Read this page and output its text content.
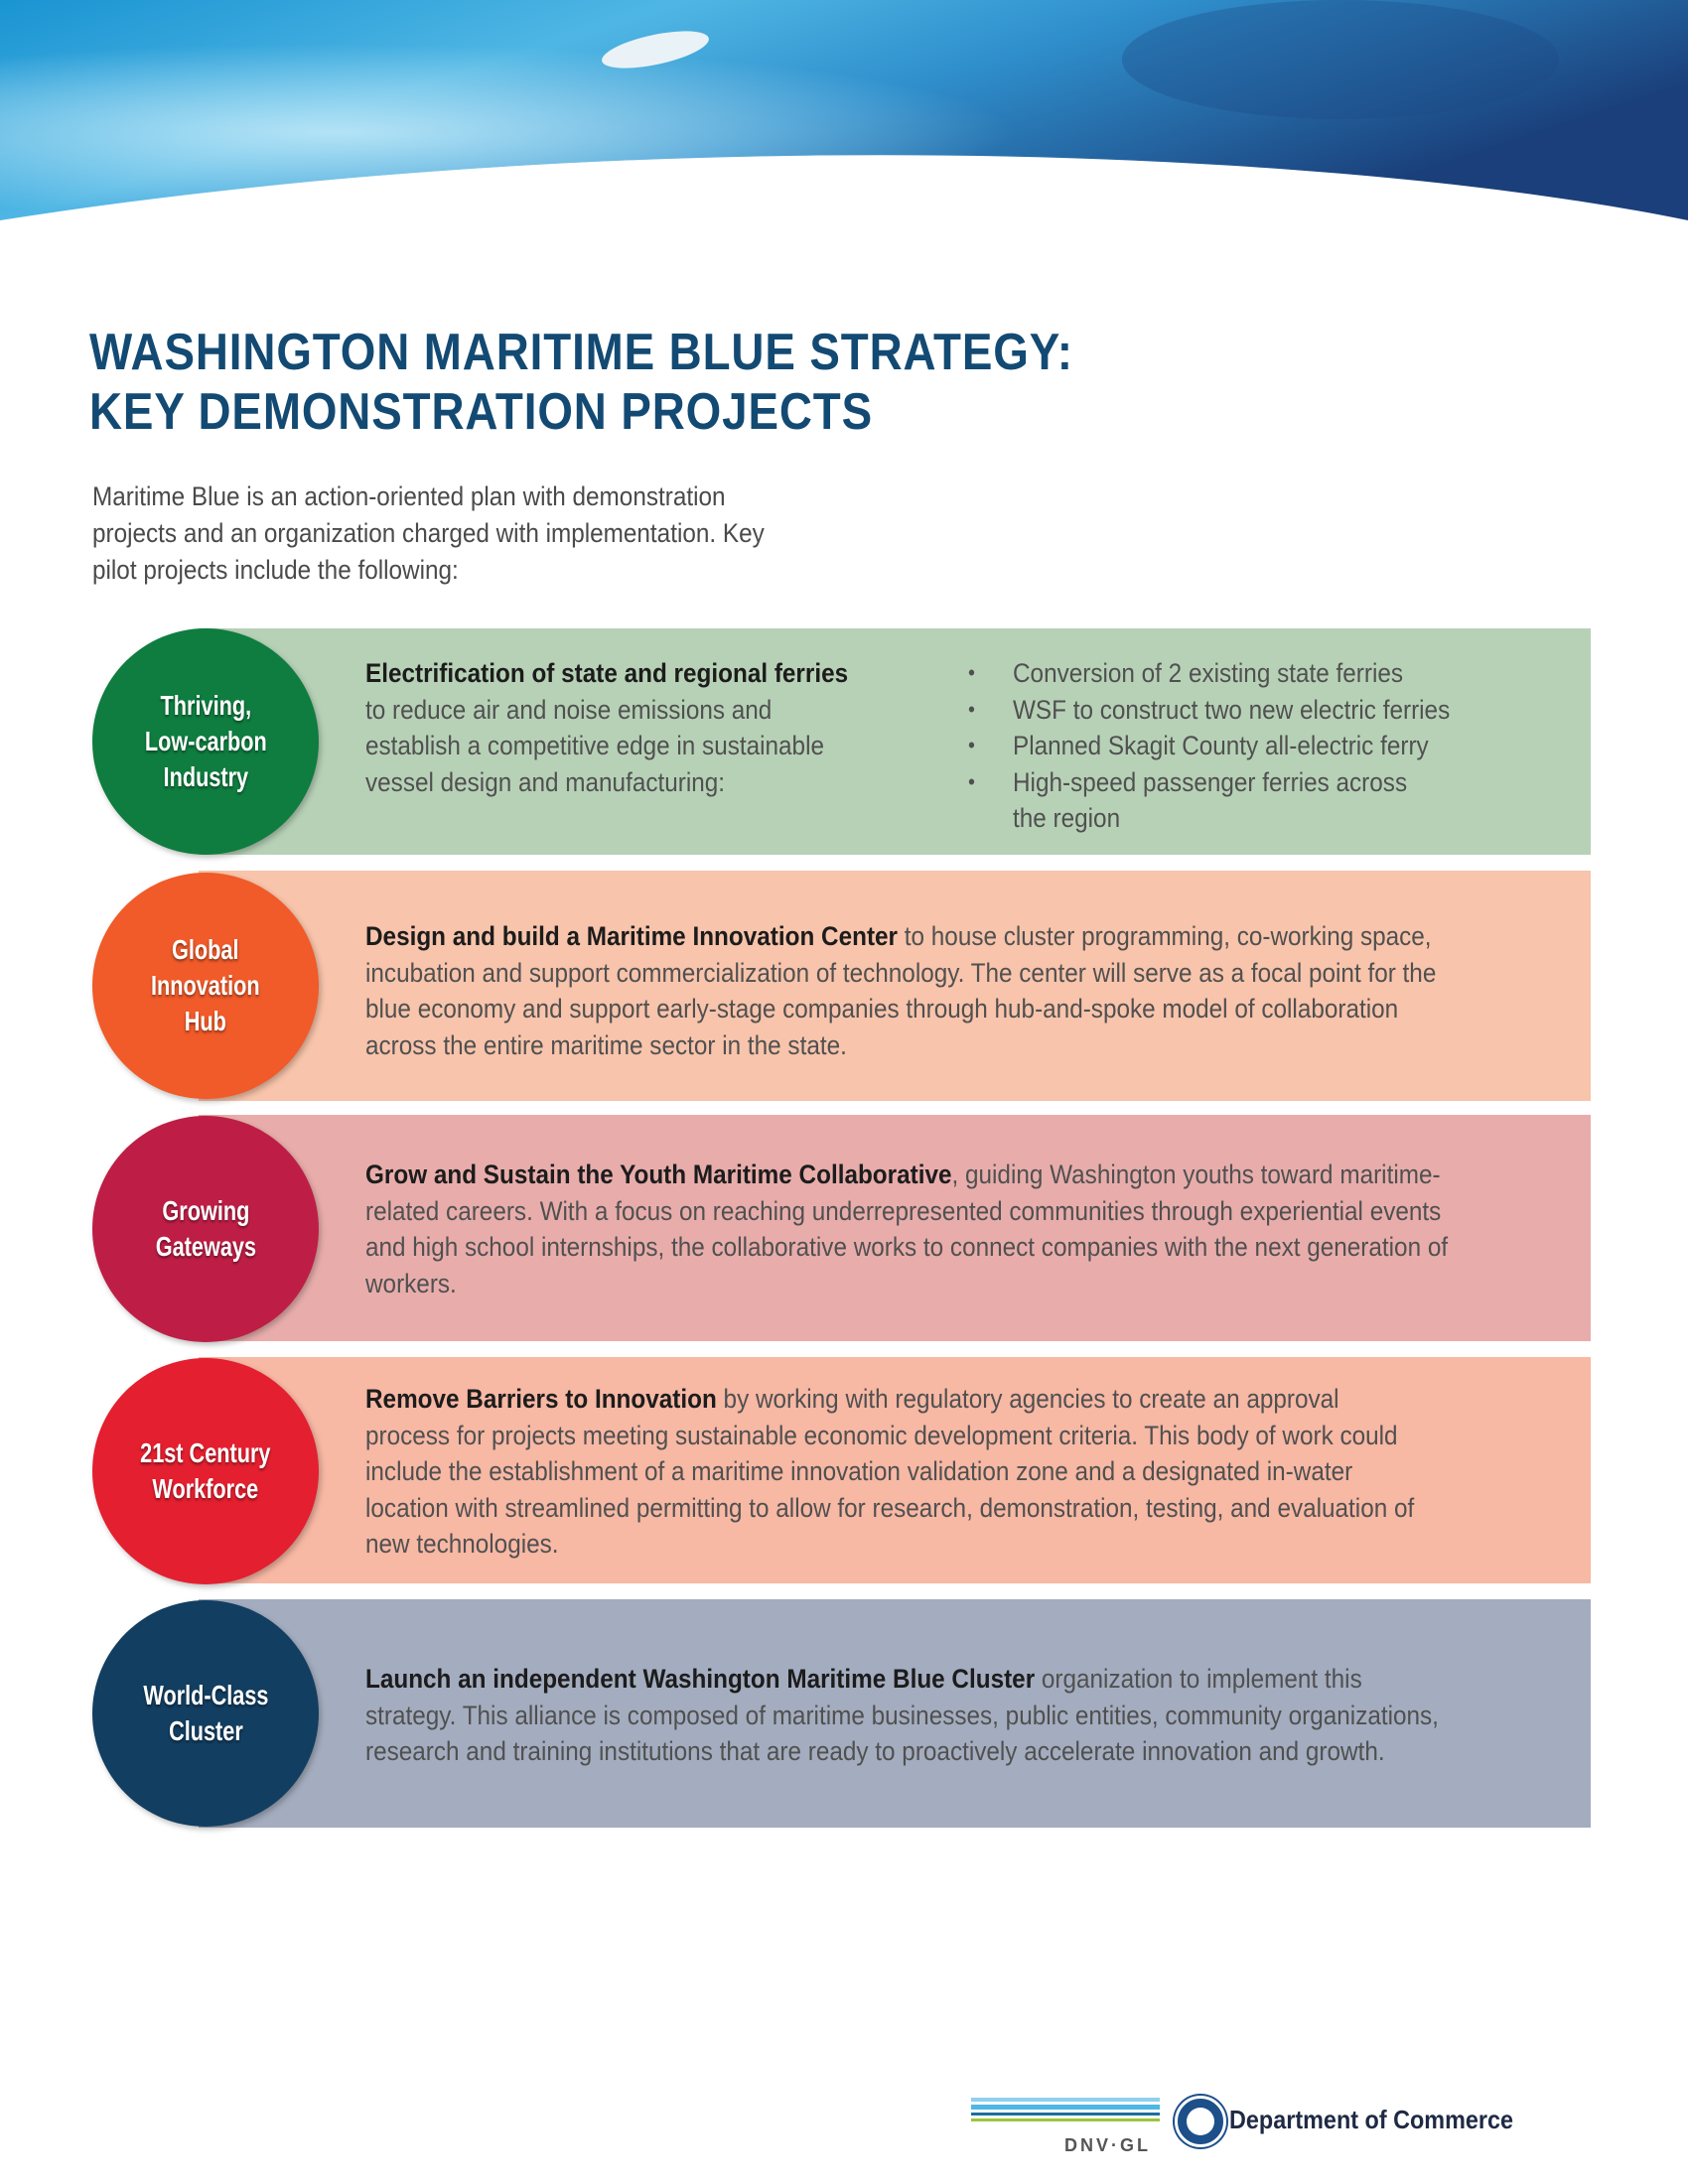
WASHINGTON MARITIME BLUE STRATEGY:
KEY DEMONSTRATION PROJECTS
Maritime Blue is an action-oriented plan with demonstration
projects and an organization charged with implementation. Key
pilot projects include the following:
Thriving,
Low-carbon
Industry
Electrification of state and regional ferries to reduce air and noise emissions and establish a competitive edge in sustainable vessel design and manufacturing:
• Conversion of 2 existing state ferries
• WSF to construct two new electric ferries
• Planned Skagit County all-electric ferry
• High-speed passenger ferries across the region
Global
Innovation
Hub
Design and build a Maritime Innovation Center to house cluster programming, co-working space, incubation and support commercialization of technology. The center will serve as a focal point for the blue economy and support early-stage companies through hub-and-spoke model of collaboration across the entire maritime sector in the state.
Growing
Gateways
Grow and Sustain the Youth Maritime Collaborative, guiding Washington youths toward maritime-related careers. With a focus on reaching underrepresented communities through experiential events and high school internships, the collaborative works to connect companies with the next generation of workers.
21st Century
Workforce
Remove Barriers to Innovation by working with regulatory agencies to create an approval process for projects meeting sustainable economic development criteria. This body of work could include the establishment of a maritime innovation validation zone and a designated in-water location with streamlined permitting to allow for research, demonstration, testing, and evaluation of new technologies.
World-Class
Cluster
Launch an independent Washington Maritime Blue Cluster organization to implement this strategy. This alliance is composed of maritime businesses, public entities, community organizations, research and training institutions that are ready to proactively accelerate innovation and growth.
DNV·GL
Department of Commerce
